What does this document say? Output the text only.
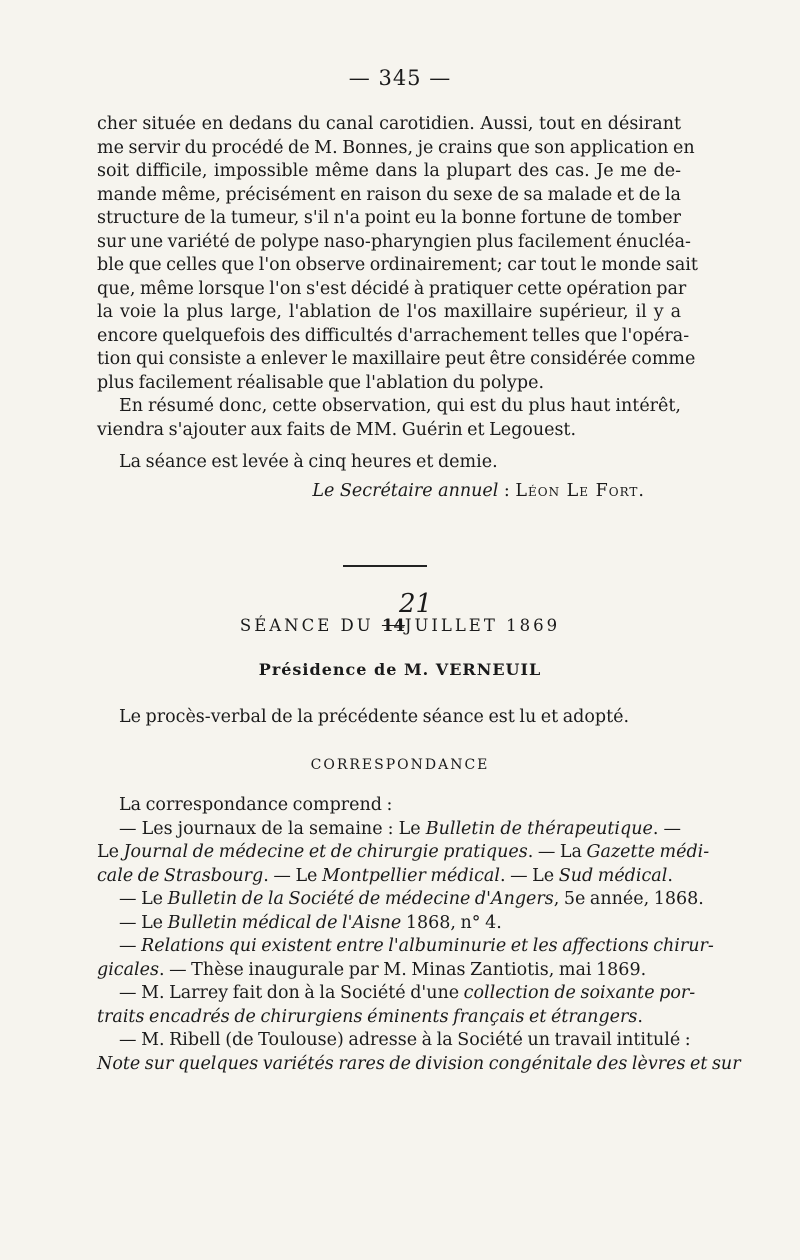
— 345 —

cher située en dedans du canal carotidien. Aussi, tout en désirant

me servir du procédé de M. Bonnes, je crains que son application en

soit difficile, impossible même dans la plupart des cas. Je me de-

mande même, précisément en raison du sexe de sa malade et de la

structure de la tumeur, s'il n'a point eu la bonne fortune de tomber

sur une variété de polype naso-pharyngien plus facilement énucléa-

ble que celles que l'on observe ordinairement; car tout le monde sait

que, même lorsque l'on s'est décidé à pratiquer cette opération par

la voie la plus large, l'ablation de l'os maxillaire supérieur, il y a

encore quelquefois des difficultés d'arrachement telles que l'opéra-

tion qui consiste a enlever le maxillaire peut être considérée comme

plus facilement réalisable que l'ablation du polype.

En résumé donc, cette observation, qui est du plus haut intérêt,

viendra s'ajouter aux faits de MM. Guérin et Legouest.

La séance est levée à cinq heures et demie.

Le Secrétaire annuel : Léon Le Fort.

SÉANCE DU 14JUILLET 1869
21
Présidence de M. VERNEUIL

Le procès-verbal de la précédente séance est lu et adopté.

CORRESPONDANCE

La correspondance comprend :

— Les journaux de la semaine : Le Bulletin de thérapeutique. —

Le Journal de médecine et de chirurgie pratiques. — La Gazette médi-

cale de Strasbourg. — Le Montpellier médical. — Le Sud médical.

— Le Bulletin de la Société de médecine d'Angers, 5e année, 1868.

— Le Bulletin médical de l'Aisne 1868, n° 4.

— Relations qui existent entre l'albuminurie et les affections chirur-

gicales. — Thèse inaugurale par M. Minas Zantiotis, mai 1869.

— M. Larrey fait don à la Société d'une collection de soixante por-

traits encadrés de chirurgiens éminents français et étrangers.

— M. Ribell (de Toulouse) adresse à la Société un travail intitulé :

Note sur quelques variétés rares de division congénitale des lèvres et sur
